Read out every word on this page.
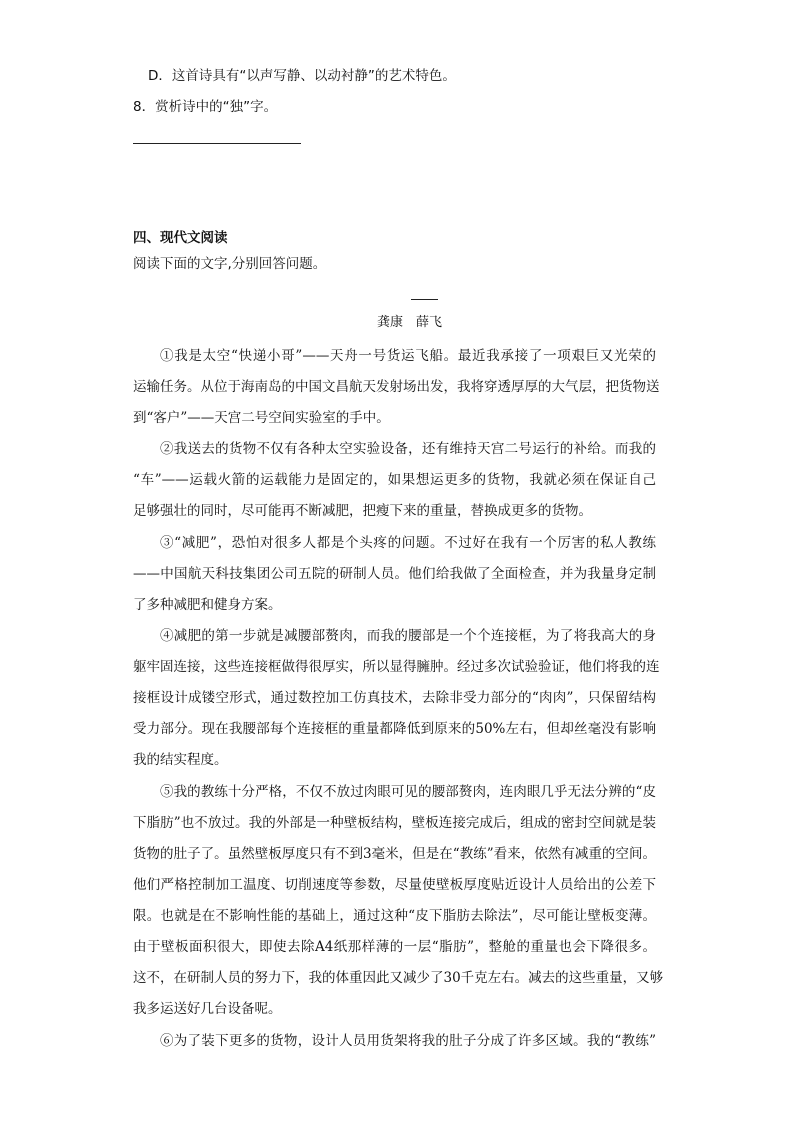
D．这首诗具有“以声写静、以动衬静”的艺术特色。
8．赏析诗中的“独”字。
四、现代文阅读
阅读下面的文字,分别回答问题。
龚康　薛飞
①我是太空“快递小哥”——天舟一号货运飞船。最近我承接了一项艰巨又光荣的
运输任务。从位于海南岛的中国文昌航天发射场出发，我将穿透厚厚的大气层，把货物送
到“客户”——天宫二号空间实验室的手中。
②我送去的货物不仅有各种太空实验设备，还有维持天宫二号运行的补给。而我的
“车”——运载火箭的运载能力是固定的，如果想运更多的货物，我就必须在保证自己
足够强壮的同时，尽可能再不断减肥，把瘦下来的重量，替换成更多的货物。
③“减肥”，恐怕对很多人都是个头疼的问题。不过好在我有一个厉害的私人教练
——中国航天科技集团公司五院的研制人员。他们给我做了全面检查，并为我量身定制
了多种减肥和健身方案。
④减肥的第一步就是减腰部赘肉，而我的腰部是一个个连接框，为了将我高大的身
躯牢固连接，这些连接框做得很厚实，所以显得臃肿。经过多次试验验证，他们将我的连
接框设计成镂空形式，通过数控加工仿真技术，去除非受力部分的“肉肉”，只保留结构
受力部分。现在我腰部每个连接框的重量都降低到原来的50%左右，但却丝毫没有影响
我的结实程度。
⑤我的教练十分严格，不仅不放过肉眼可见的腰部赘肉，连肉眼几乎无法分辨的“皮
下脂肪”也不放过。我的外部是一种壁板结构，壁板连接完成后，组成的密封空间就是装
货物的肚子了。虽然壁板厚度只有不到3毫米，但是在“教练”看来，依然有减重的空间。
他们严格控制加工温度、切削速度等参数，尽量使壁板厚度贴近设计人员给出的公差下
限。也就是在不影响性能的基础上，通过这种“皮下脂肪去除法”，尽可能让壁板变薄。
由于壁板面积很大，即使去除A4纸那样薄的一层“脂肪”，整舱的重量也会下降很多。
这不，在研制人员的努力下，我的体重因此又减少了30千克左右。减去的这些重量，又够
我多运送好几台设备呢。
⑥为了装下更多的货物，设计人员用货架将我的肚子分成了许多区域。我的“教练”
